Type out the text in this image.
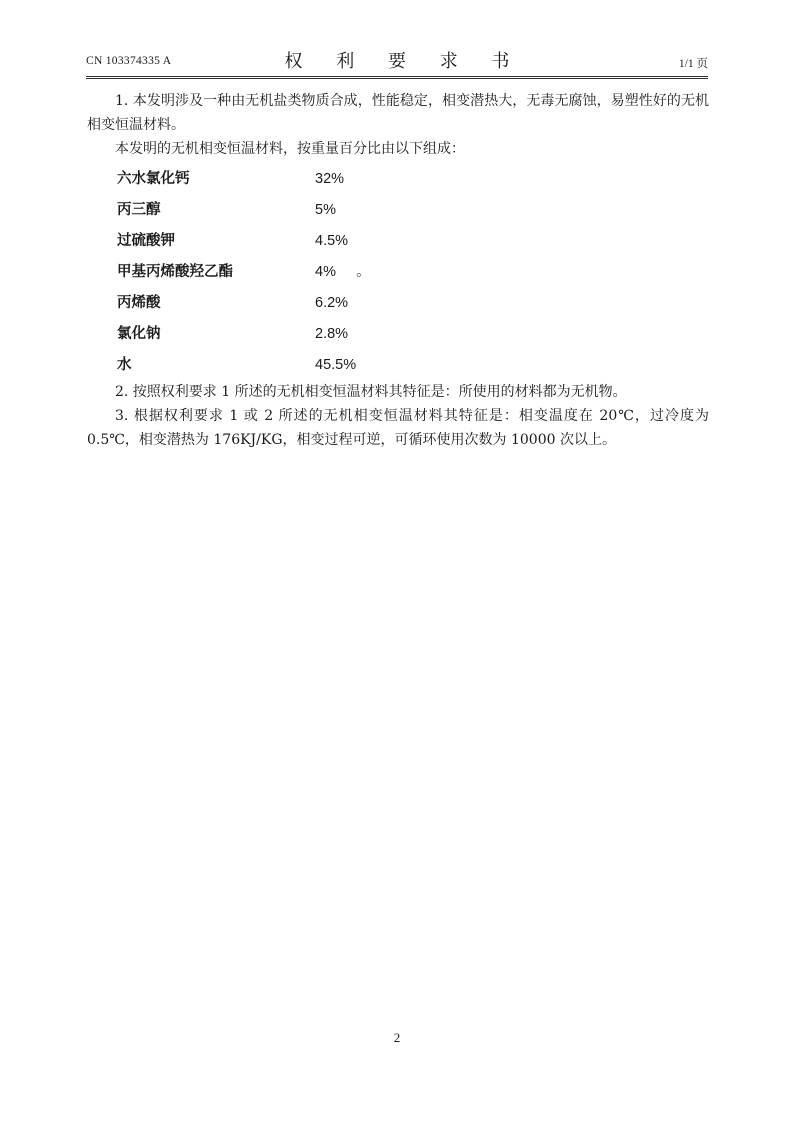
CN 103374335 A	权 利 要 求 书	1/1 页

1. 本发明涉及一种由无机盐类物质合成，性能稳定，相变潜热大，无毒无腐蚀，易塑性好的无机相变恒温材料。

本发明的无机相变恒温材料，按重量百分比由以下组成：

六水氯化钙	32%	
丙三醇	5%	
过硫酸钾	4.5%	
甲基丙烯酸羟乙酯	4%	。
丙烯酸	6.2%	
氯化钠	2.8%	
水	45.5%	

2. 按照权利要求 1 所述的无机相变恒温材料其特征是：所使用的材料都为无机物。

3. 根据权利要求 1 或 2 所述的无机相变恒温材料其特征是：相变温度在 20℃，过冷度为 0.5℃，相变潜热为 176KJ/KG，相变过程可逆，可循环使用次数为 10000 次以上。

2
